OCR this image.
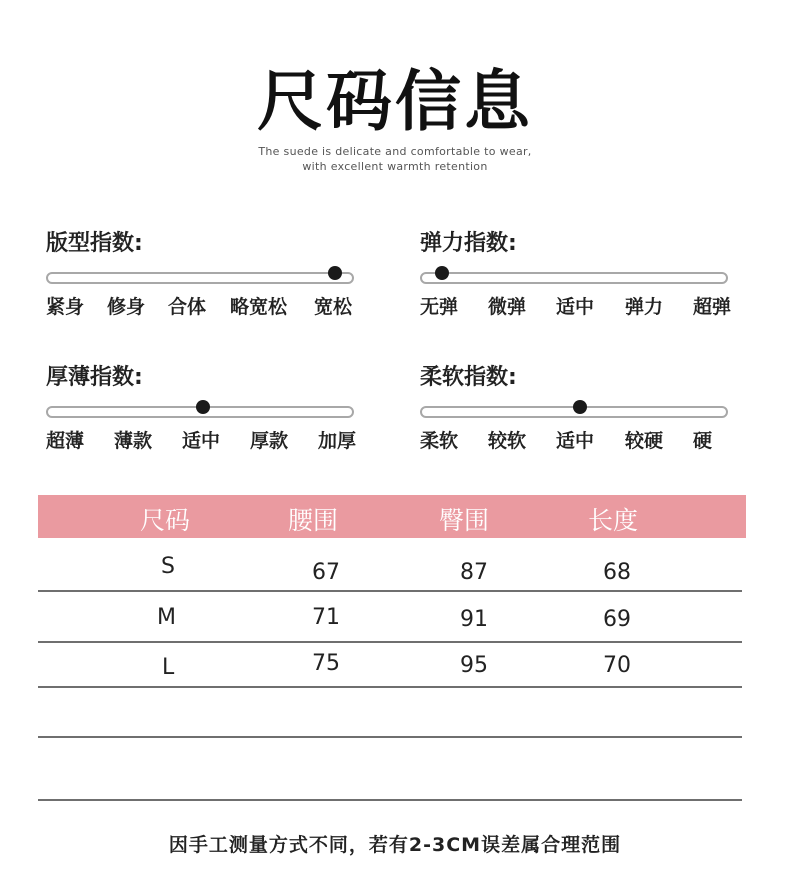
尺码信息
The suede is delicate and comfortable to wear,
with excellent warmth retention
版型指数:
紧身 修身 合体 略宽松 宽松
弹力指数:
无弹 微弹 适中 弹力 超弹
厚薄指数:
超薄 薄款 适中 厚款 加厚
柔软指数:
柔软 较软 适中 较硬 硬
尺码	腰围	臀围	长度
S	67	87	68
M	71	91	69
L	75	95	70
因手工测量方式不同，若有2-3CM误差属合理范围
